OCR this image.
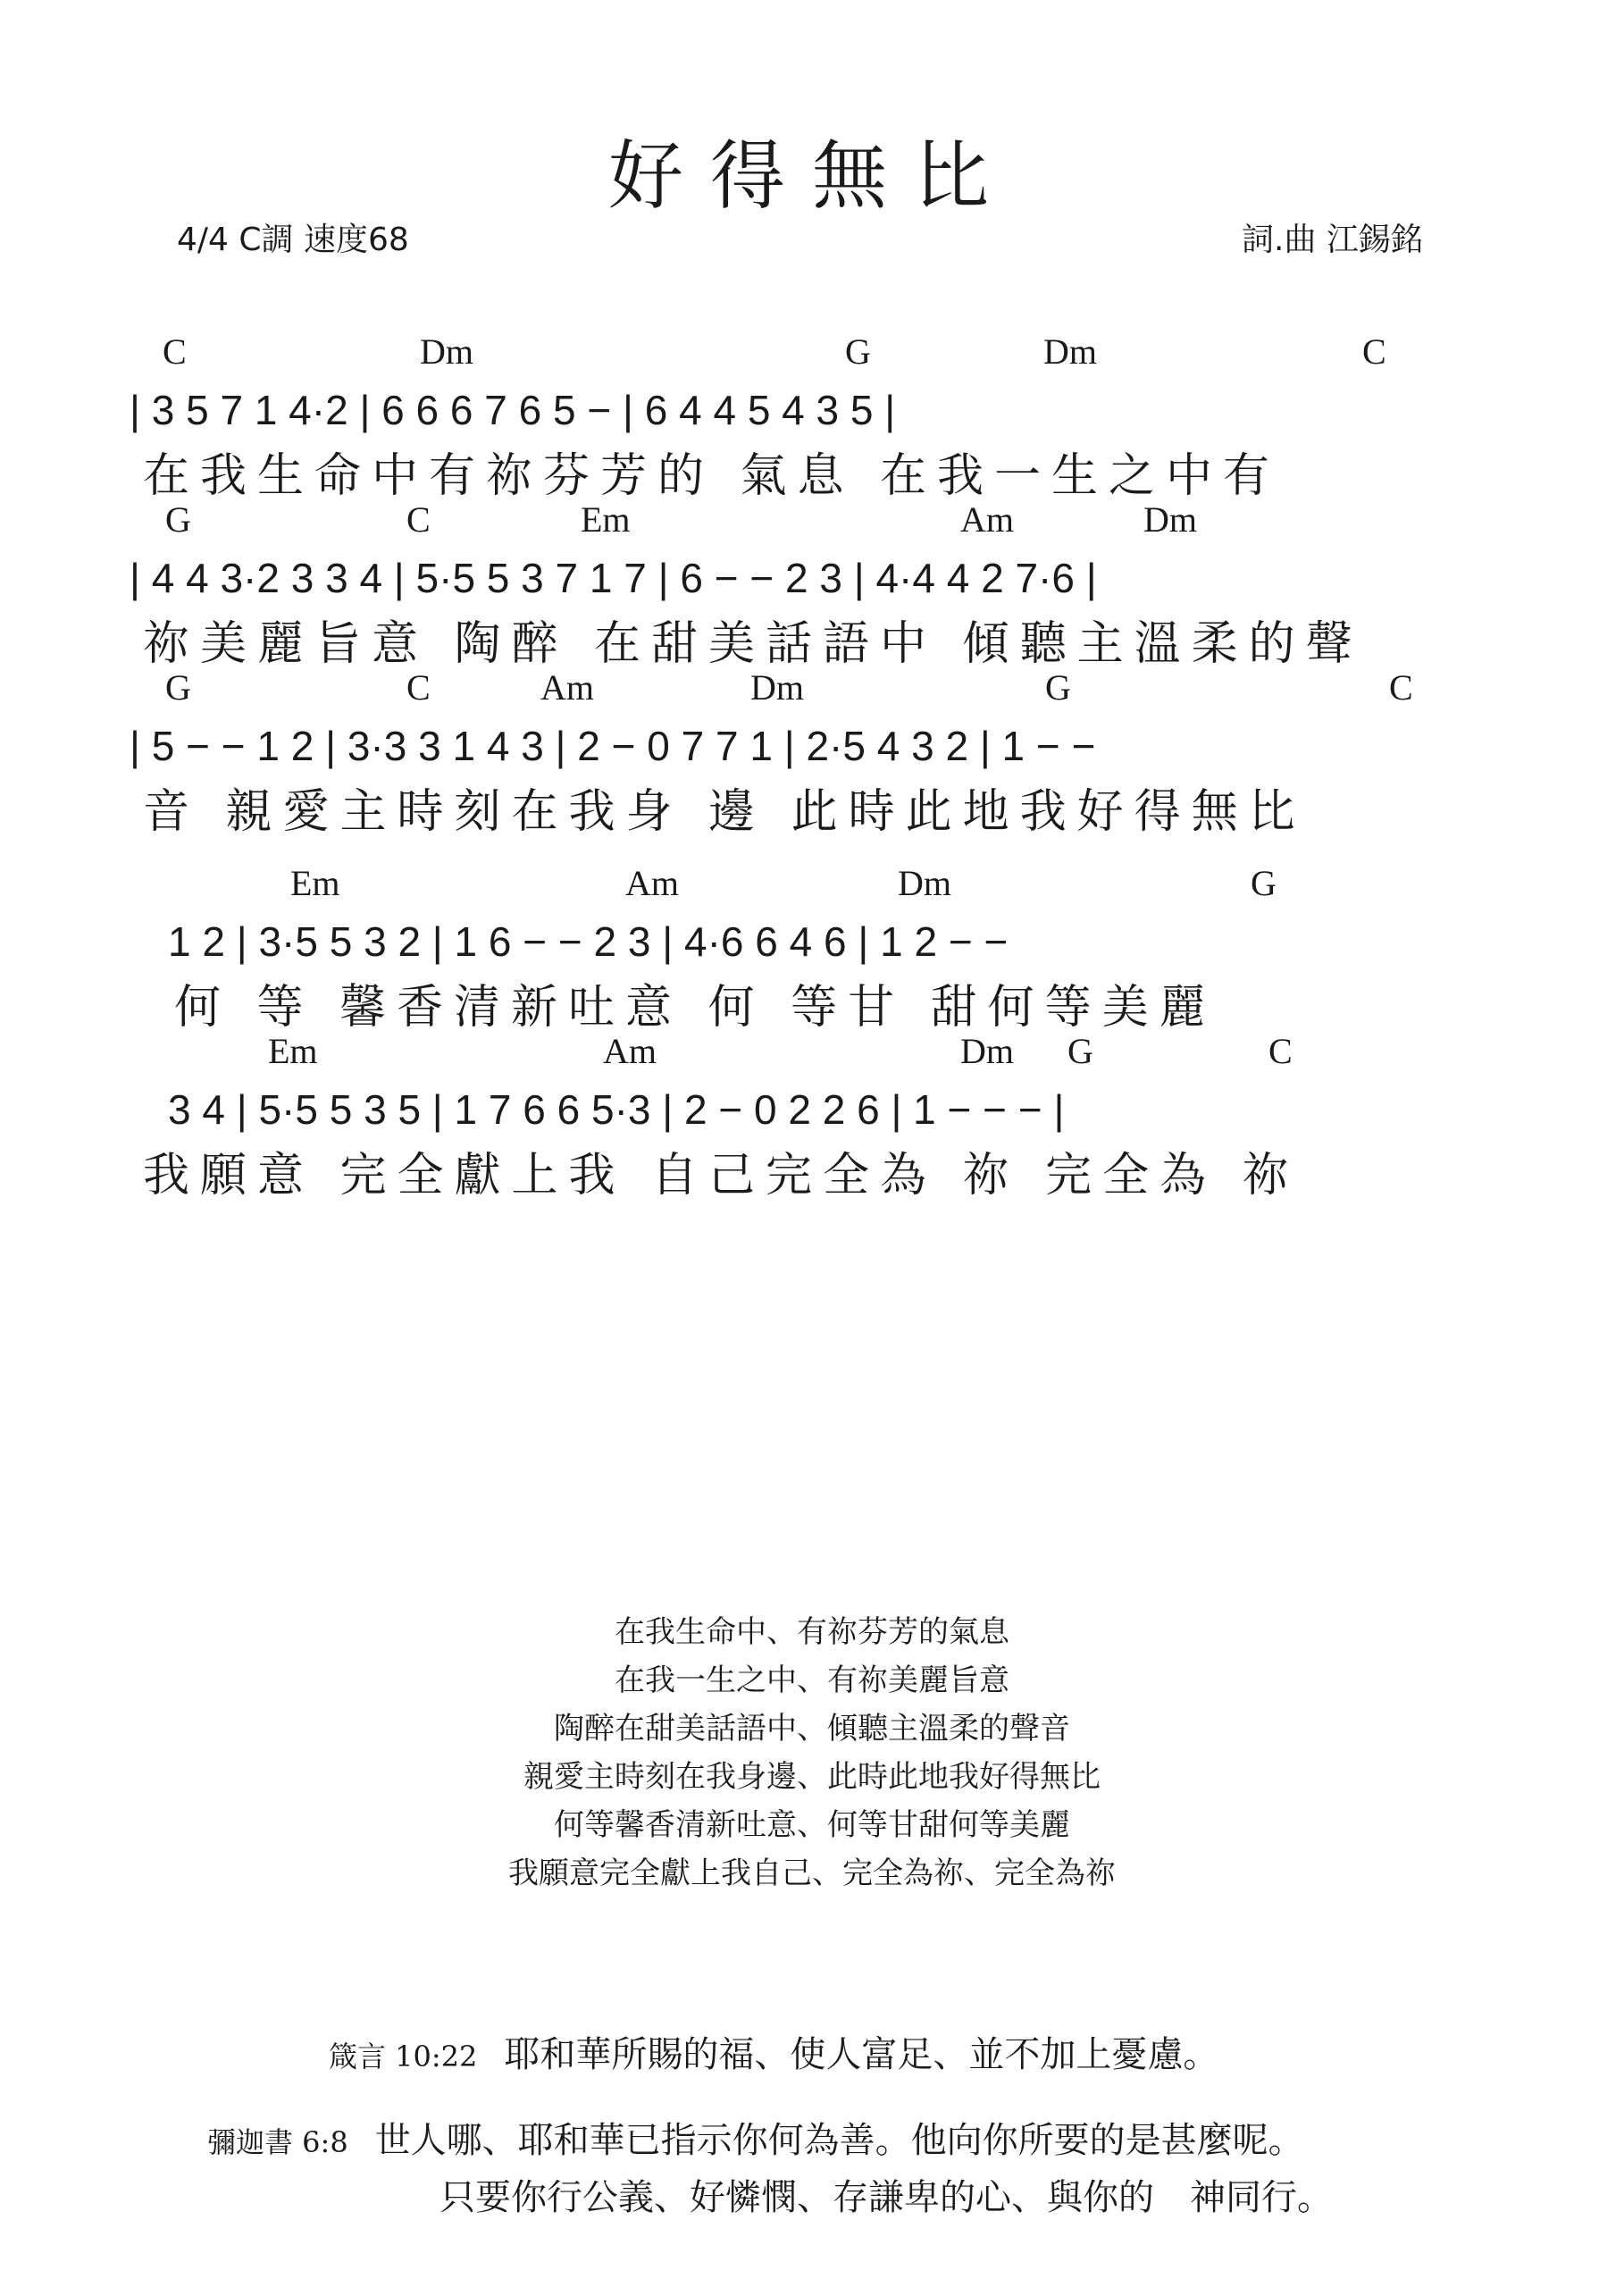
好得無比
4/4 C調 速度68	詞.曲 江錫銘
C	Dm	G	Dm	C
| 3 5 7 1 4·2 | 6 6 6 7 6 5 − | 6 4 4 5 4 3 5 |
在我生命中有祢芬芳的 氣息 在我一生之中有
G	C	Em	Am	Dm
| 4 4 3·2 3 3 4 | 5·5 5 3 7 1 7 | 6 − − 2 3 | 4·4 4 2 7·6 |
祢美麗旨意 陶醉 在甜美話語中 傾聽主溫柔的聲
G	C	Am	Dm	G	C
| 5 − − 1 2 | 3·3 3 1 4 3 | 2 − 0 7 7 1 | 2·5 4 3 2 | 1 − −
音 親愛主時刻在我身 邊 此時此地我好得無比
Em	Am	Dm	G
1 2 | 3·5 5 3 2 | 1 6 − − 2 3 | 4·6 6 4 6 | 1 2 − −
何 等 馨香清新吐意 何 等甘 甜何等美麗
Em	Am	Dm G	C
3 4 | 5·5 5 3 5 | 1 7 6 6 5·3 | 2 − 0 2 2 6 | 1 − − − |
我願意 完全獻上我 自己完全為 祢 完全為 祢
在我生命中、有祢芬芳的氣息
在我一生之中、有祢美麗旨意
陶醉在甜美話語中、傾聽主溫柔的聲音
親愛主時刻在我身邊、此時此地我好得無比
何等馨香清新吐意、何等甘甜何等美麗
我願意完全獻上我自己、完全為祢、完全為祢
箴言 10:22 耶和華所賜的福、使人富足、並不加上憂慮。
彌迦書 6:8 世人哪、耶和華已指示你何為善。他向你所要的是甚麼呢。
只要你行公義、好憐憫、存謙卑的心、與你的　神同行。
